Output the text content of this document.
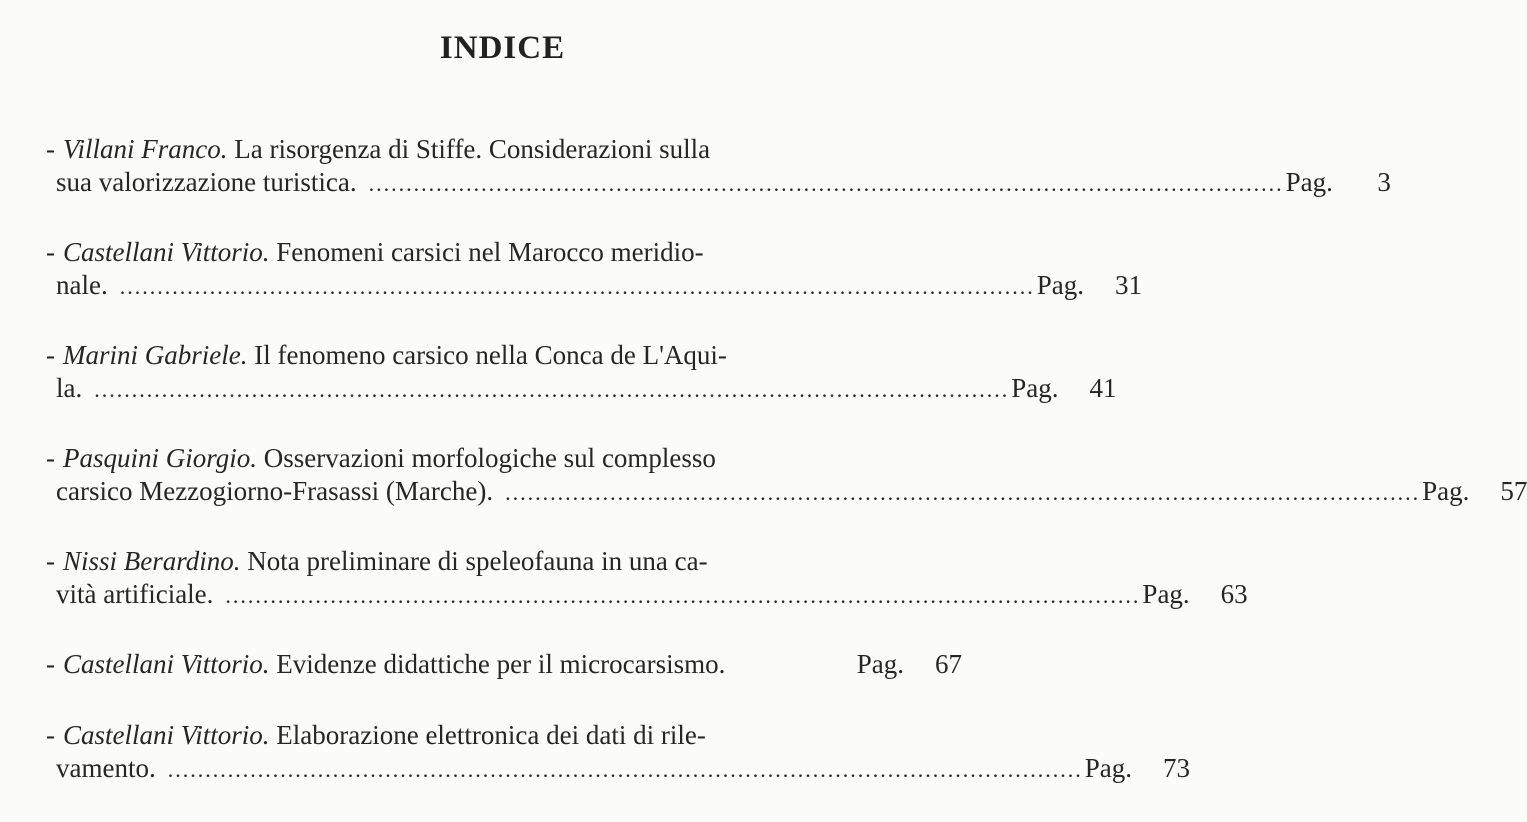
INDICE
- Villani Franco. La risorgenza di Stiffe. Considerazioni sulla
sua valorizzazione turistica. .......................................................................................................................... Pag.	3
- Castellani Vittorio. Fenomeni carsici nel Marocco meridio-
nale. .......................................................................................................................... Pag.	31
- Marini Gabriele. Il fenomeno carsico nella Conca de L'Aqui-
la. .......................................................................................................................... Pag.	41
- Pasquini Giorgio. Osservazioni morfologiche sul complesso
carsico Mezzogiorno-Frasassi (Marche). .......................................................................................................................... Pag.	57
- Nissi Berardino. Nota preliminare di speleofauna in una ca-
vità artificiale. .......................................................................................................................... Pag.	63
- Castellani Vittorio. Evidenze didattiche per il microcarsismo.	Pag.	67
- Castellani Vittorio. Elaborazione elettronica dei dati di rile-
vamento. .......................................................................................................................... Pag.	73
